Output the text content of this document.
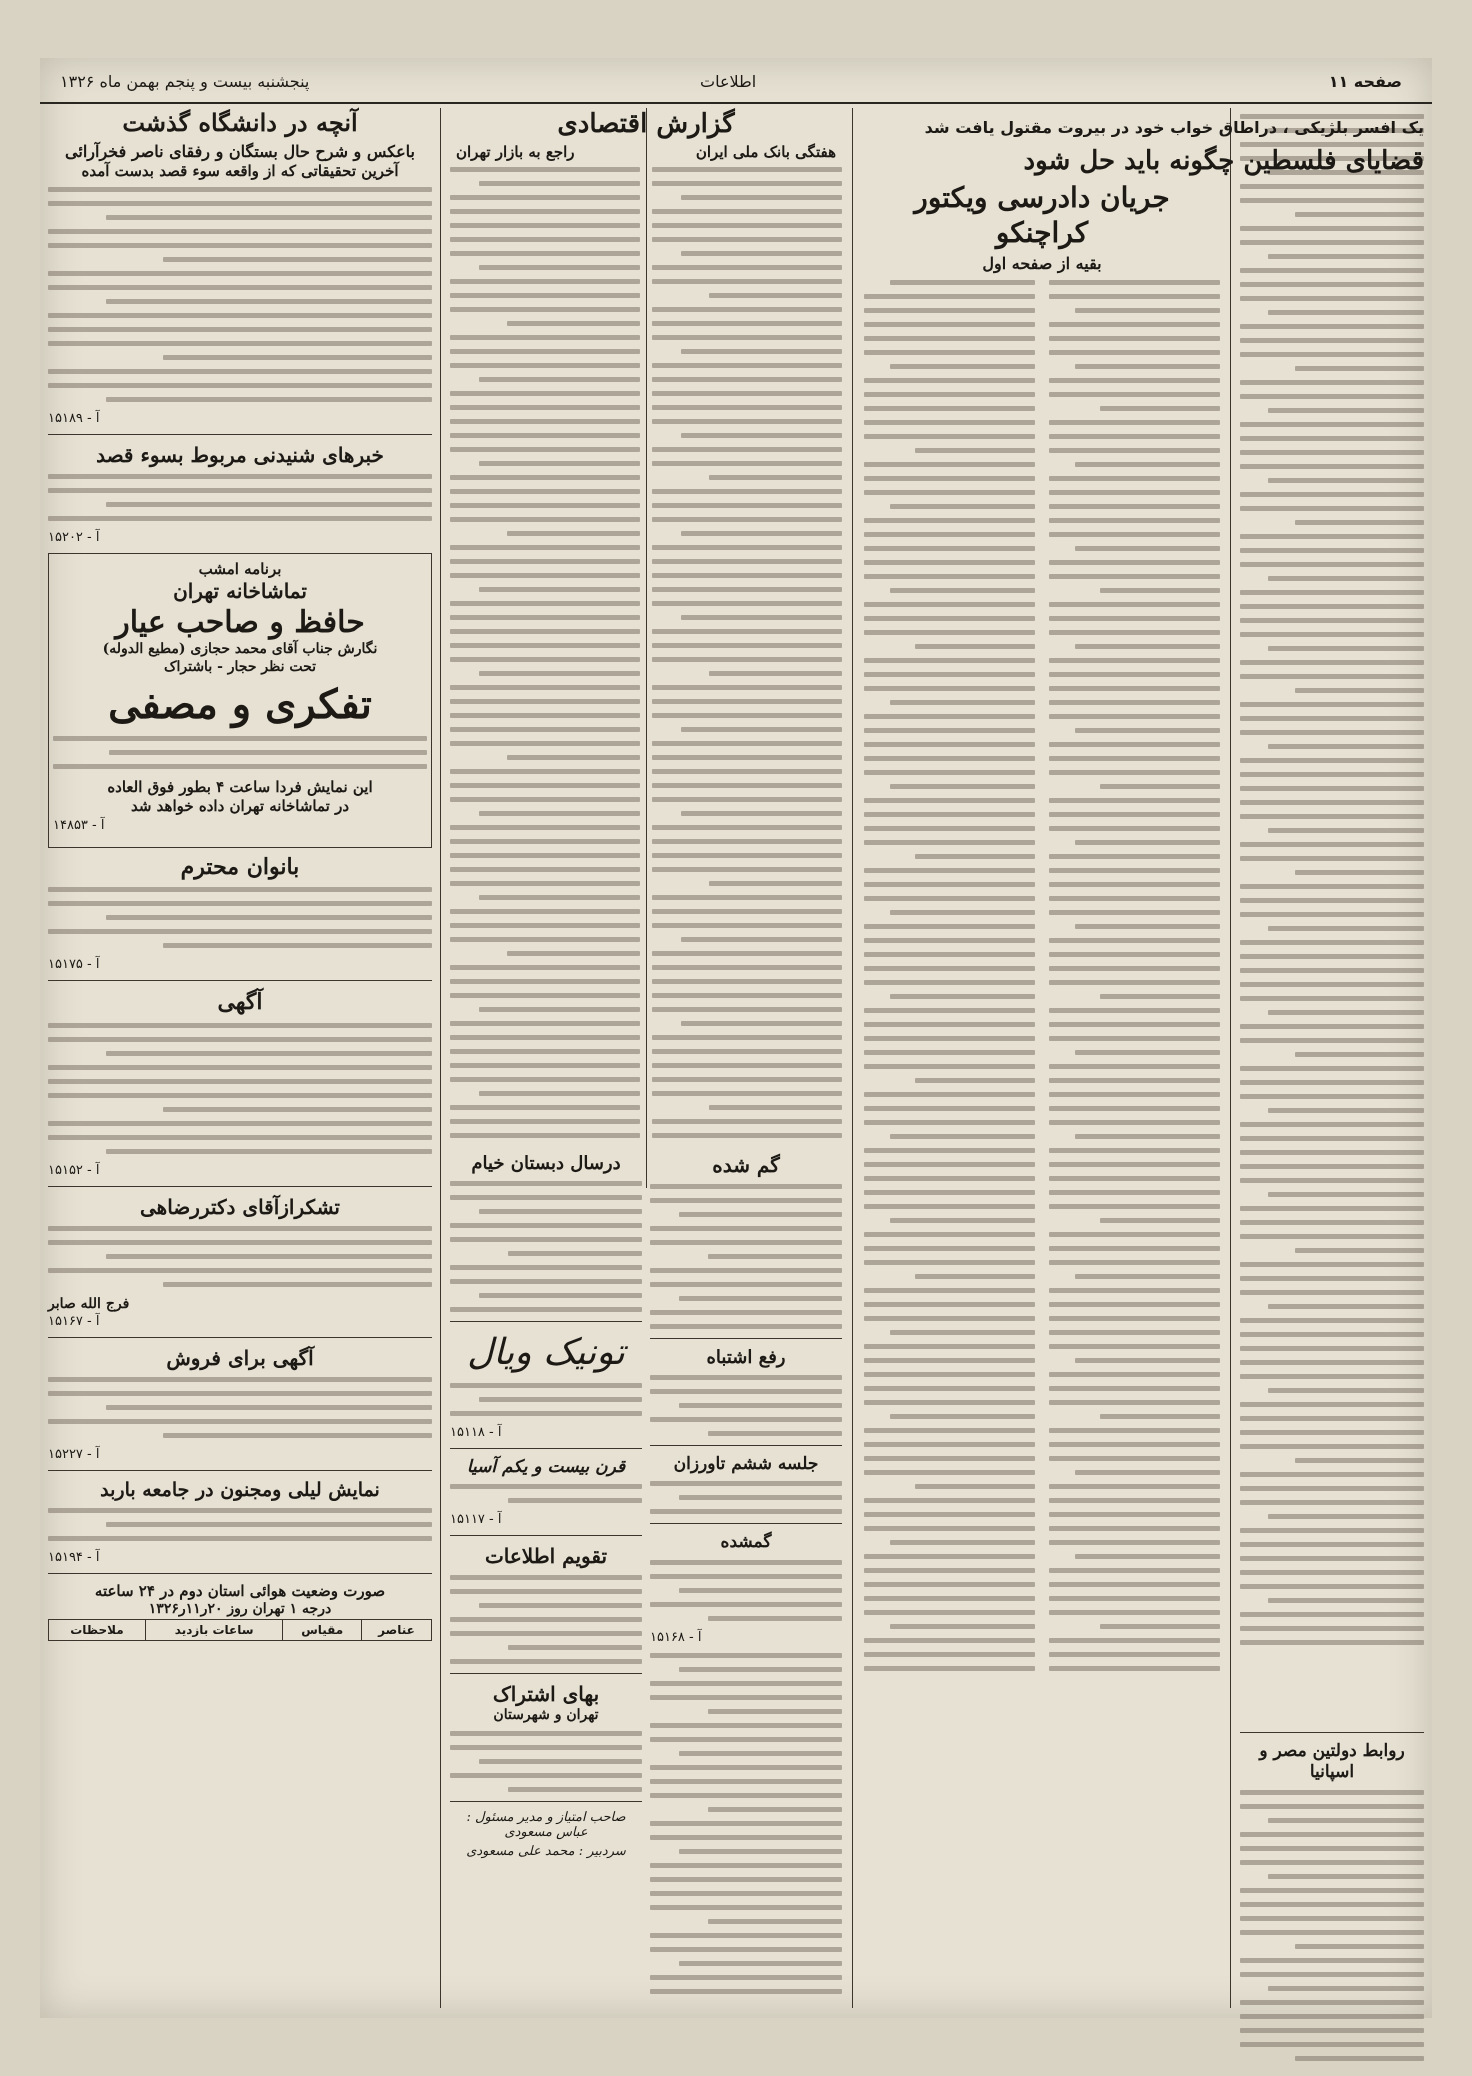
صفحه ۱۱
اطلاعات
پنجشنبه بیست و پنجم بهمن ماه ۱۳۲۶
روابط دولتین مصر و اسپانیا
یک افسر بلژیکی ، دراطاق خواب خود در بیروت مقتول یافت شد
قضایای فلسطین چگونه باید حل شود
جریان دادرسی ویکتور کراچنکو
بقیه از صفحه اول
گزارش اقتصادی
هفتگی بانک ملی ایران
راجع به بازار تهران
گم شده
رفع اشتباه
جلسه ششم تاورزان
گمشده
آ - ۱۵۱۶۸
درسال دبستان خیام
تونیک ویال
آ - ۱۵۱۱۸
قرن بیست و یکم آسیا
آ - ۱۵۱۱۷
تقویم اطلاعات
بهای اشتراک
تهران و شهرستان
صاحب امتیاز و مدیر مسئول : عباس مسعودی
سردبیر : محمد علی مسعودی
آنچه در دانشگاه گذشت
باعکس و شرح حال بستگان و رفقای ناصر فخرآرائی
آخرین تحقیقاتی که از واقعه سوء قصد بدست آمده
آ - ۱۵۱۸۹
خبرهای شنیدنی مربوط بسوء قصد
آ - ۱۵۲۰۲
برنامه امشب
تماشاخانه تهران
حافظ و صاحب عیار
نگارش جناب آقای محمد حجازی (مطیع الدوله)
تحت نظر حجار - باشتراک
تفکری و مصفی
این نمایش فردا ساعت ۴ بطور فوق العاده
در تماشاخانه تهران داده خواهد شد
آ - ۱۴۸۵۳
بانوان محترم
آ - ۱۵۱۷۵
آگهی
آ - ۱۵۱۵۲
تشکرازآقای دکتررضاهی
فرج الله صابر
آ - ۱۵۱۶۷
آگهی برای فروش
آ - ۱۵۲۲۷
نمایش لیلی ومجنون در جامعه باربد
آ - ۱۵۱۹۴
صورت وضعیت هوائی استان دوم در ۲۴ ساعته
درجه ۱ تهران روز ۲۰ر۱۱ر۱۳۲۶
عناصر	مقیاس	ساعات بازدید	ملاحظات
